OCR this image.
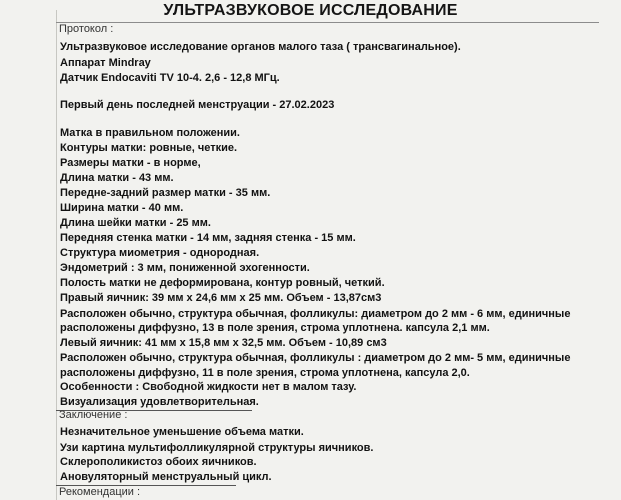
УЛЬТРАЗВУКОВОЕ ИССЛЕДОВАНИЕ
Протокол :
Ультразвуковое исследование органов малого таза ( трансвагинальное).
Аппарат Mindray
Датчик Endocaviti TV 10-4. 2,6 - 12,8 МГц.
Первый день последней менструации - 27.02.2023
Матка в правильном положении.
Контуры матки: ровные, четкие.
Размеры матки - в норме,
Длина матки - 43 мм.
Передне-задний размер матки - 35 мм.
Ширина матки - 40 мм.
Длина шейки матки - 25 мм.
Передняя стенка матки - 14 мм, задняя стенка - 15 мм.
Структура миометрия - однородная.
Эндометрий : 3 мм, пониженной эхогенности.
Полость матки не деформирована, контур ровный, четкий.
Правый яичник: 39 мм х 24,6 мм х 25 мм. Объем - 13,87см3
Расположен обычно, структура обычная, фолликулы: диаметром до 2 мм - 6 мм, единичные
расположены диффузно, 13 в поле зрения, строма уплотнена. капсула 2,1 мм.
Левый яичник: 41 мм х 15,8 мм х 32,5 мм. Объем - 10,89 см3
Расположен обычно, структура обычная, фолликулы : диаметром до 2 мм- 5 мм, единичные
расположены диффузно, 11 в поле зрения, строма уплотнена, капсула 2,0.
Особенности : Свободной жидкости нет в малом тазу.
Визуализация удовлетворительная.
Заключение :
Незначительное уменьшение объема матки.
Узи картина мультифолликулярной структуры яичников.
Склерополикистоз обоих яичников.
Ановуляторный менструальный цикл.
Рекомендации :
